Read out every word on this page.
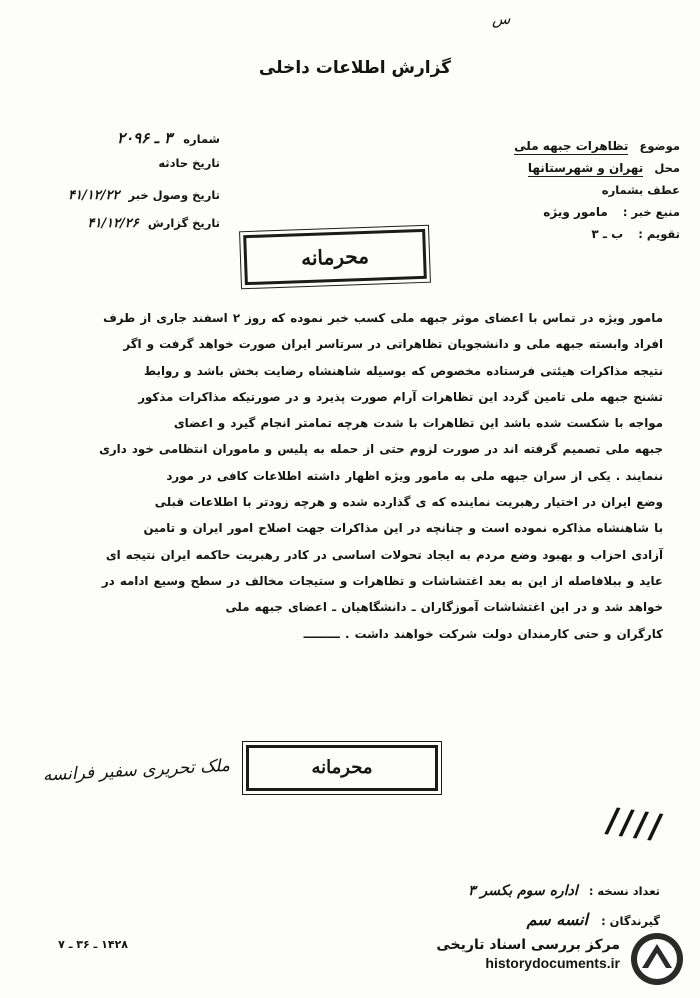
س
گزارش اطلاعات داخلی
شماره ۳ ـ ۲۰۹۶
تاریخ حادثه
تاریخ وصول خبر ۴۱/۱۲/۲۲
تاریخ گزارش ۴۱/۱۲/۲۶
موضوع تظاهرات جبهه ملی
محل تهران و شهرستانها
عطف بشماره
منبع خبر : مامور ویژه
تقویم : ب ـ ۳
محرمانه

مامور ویژه در تماس با اعضای موثر جبهه ملی کسب خبر نموده که روز ۲ اسفند جاری از طرف

افراد وابسته جبهه ملی و دانشجویان تظاهراتی در سرتاسر ایران صورت خواهد گرفت و اگر

نتیجه مذاکرات هیئتی فرستاده مخصوص که بوسیله شاهنشاه رضایت بخش باشد و روابط

تشنج جبهه ملی تامین گردد این تظاهرات آرام صورت پذیرد و در صورتیکه مذاکرات مذکور

مواجه با شکست شده باشد این تظاهرات با شدت هرچه تمامتر انجام گیرد و اعضای

جبهه ملی تصمیم گرفته اند در صورت لزوم حتی از حمله به پلیس و ماموران انتظامی خود داری

ننمایند . یکی از سران جبهه ملی به مامور ویژه اظهار داشته اطلاعات کافی در مورد

وضع ایران در اختیار رهبریت نماینده که ی گذارده شده و هرچه زودتر با اطلاعات قبلی

با شاهنشاه مذاکره نموده است و چنانچه در این مذاکرات جهت اصلاح امور ایران و تامین

آزادی احزاب و بهبود وضع مردم به ایجاد تحولات اساسی در کادر رهبریت حاکمه ایران نتیجه ای

عاید و ببلافاصله از این به بعد اغتشاشات و تظاهرات و ستیجات مخالف در سطح وسیع ادامه در

خواهد شد و در این اغتشاشات آموزگاران ـ دانشگاهیان ـ اعضای جبهه ملی

کارگران و حتی کارمندان دولت شرکت خواهند داشت . ـــــــــ

محرمانه
ملک تحریری سفیر فرانسه
////
تعداد نسخه : اداره سوم بکسر ۳
گیرندگان : انسه سم
۱۴۲۸ ـ ۳۶ ـ ۷	مرکز بررسی اسناد تاریخی
historydocuments.ir
